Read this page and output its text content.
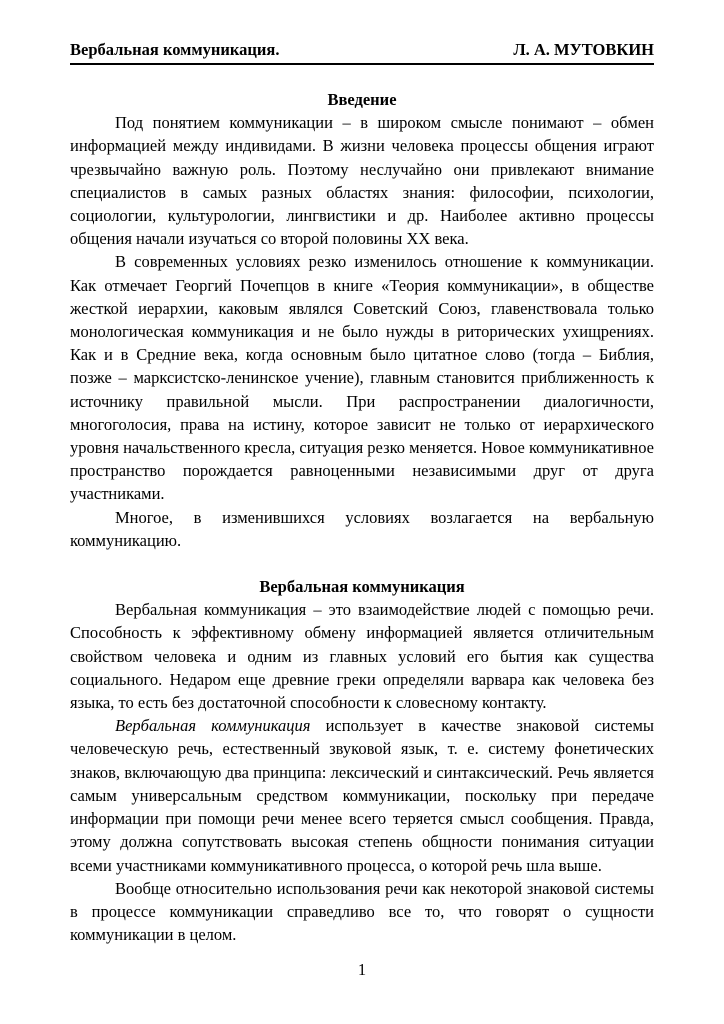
Вербальная коммуникация.	Л. А. МУТОВКИН
Введение

Под понятием коммуникации – в широком смысле понимают – обмен информацией между индивидами. В жизни человека процессы общения играют чрезвычайно важную роль. Поэтому неслучайно они привлекают внимание специалистов в самых разных областях знания: философии, психологии, социологии, культурологии, лингвистики и др. Наиболее активно процессы общения начали изучаться со второй половины XX века.

В современных условиях резко изменилось отношение к коммуникации. Как отмечает Георгий Почепцов в книге «Теория коммуникации», в обществе жесткой иерархии, каковым являлся Советский Союз, главенствовала только монологическая коммуникация и не было нужды в риторических ухищрениях. Как и в Средние века, когда основным было цитатное слово (тогда – Библия, позже – марксистско-ленинское учение), главным становится приближенность к источнику правильной мысли. При распространении диалогичности, многоголосия, права на истину, которое зависит не только от иерархического уровня начальственного кресла, ситуация резко меняется. Новое коммуникативное пространство порождается равноценными независимыми друг от друга участниками.

Многое, в изменившихся условиях возлагается на вербальную коммуникацию.

Вербальная коммуникация

Вербальная коммуникация – это взаимодействие людей с помощью речи. Способность к эффективному обмену информацией является отличительным свойством человека и одним из главных условий его бытия как существа социального. Недаром еще древние греки определяли варвара как человека без языка, то есть без достаточной способности к словесному контакту.

Вербальная коммуникация использует в качестве знаковой системы человеческую речь, естественный звуковой язык, т. е. систему фонетических знаков, включающую два принципа: лексический и синтаксический. Речь является самым универсальным средством коммуникации, поскольку при передаче информации при помощи речи менее всего теряется смысл сообщения. Правда, этому должна сопутствовать высокая степень общности понимания ситуации всеми участниками коммуникативного процесса, о которой речь шла выше.

Вообще относительно использования речи как некоторой знаковой системы в процессе коммуникации справедливо все то, что говорят о сущности коммуникации в целом.

1
